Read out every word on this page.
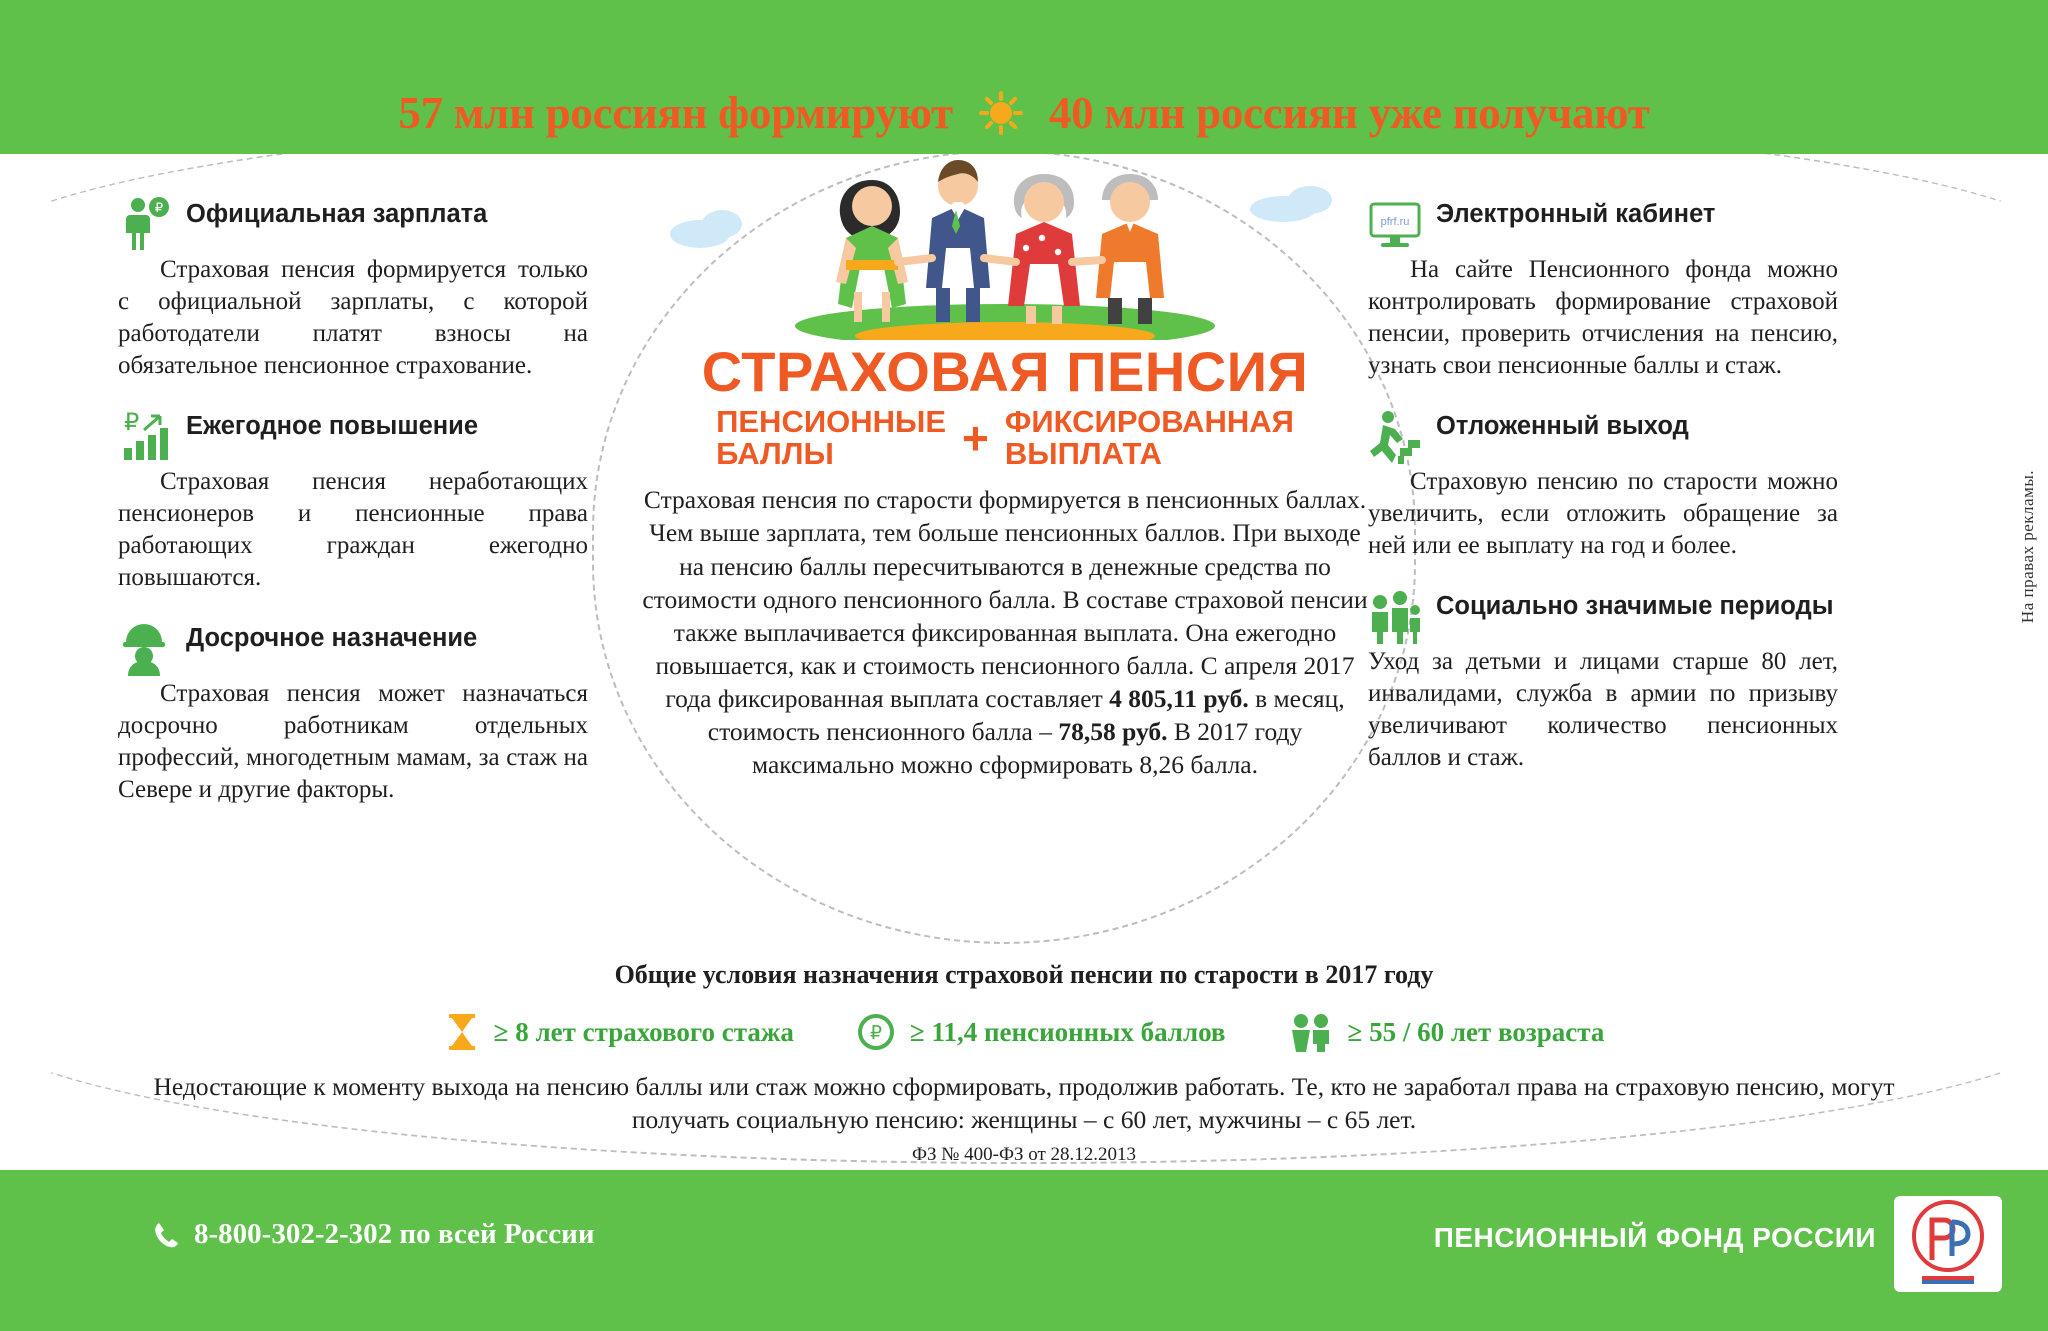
57 млн россиян формируют 40 млн россиян уже получают
₽ Официальная зарплата
Страховая пенсия формируется только с официальной зарплаты, с которой работодатели платят взносы на обязательное пенсионное страхование.
₽ Ежегодное повышение
Страховая пенсия неработающих пенсионеров и пенсионные права работающих граждан ежегодно повышаются.
Досрочное назначение
Страховая пенсия может назначаться досрочно работникам отдельных профессий, многодетным мамам, за стаж на Севере и другие факторы.
СТРАХОВАЯ ПЕНСИЯ
ПЕНСИОННЫЕ
БАЛЛЫ	+ ФИКСИРОВАННАЯ
ВЫПЛАТА
Страховая пенсия по старости формируется в пенсионных баллах. Чем выше зарплата, тем больше пенсионных баллов. При выходе на пенсию баллы пересчитываются в денежные средства по стоимости одного пенсионного балла. В составе страховой пенсии также выплачивается фиксированная выплата. Она ежегодно повышается, как и стоимость пенсионного балла. С апреля 2017 года фиксированная выплата составляет 4 805,11 руб. в месяц, стоимость пенсионного балла – 78,58 руб. В 2017 году максимально можно сформировать 8,26 балла.
pfrf.ru Электронный кабинет
На сайте Пенсионного фонда можно контролировать формирование страховой пенсии, проверить отчисления на пенсию, узнать свои пенсионные баллы и стаж.
Отложенный выход
Страховую пенсию по старости можно увеличить, если отложить обращение за ней или ее выплату на год и более.
Социально значимые периоды
Уход за детьми и лицами старше 80 лет, инвалидами, служба в армии по призыву увеличивают количество пенсионных баллов и стаж.
Общие условия назначения страховой пенсии по старости в 2017 году
≥ 8 лет страхового стажа	₽ ≥ 11,4 пенсионных баллов	≥ 55 / 60 лет возраста
Недостающие к моменту выхода на пенсию баллы или стаж можно сформировать, продолжив работать. Те, кто не заработал права на страховую пенсию, могут получать социальную пенсию: женщины – с 60 лет, мужчины – с 65 лет.
ФЗ № 400-ФЗ от 28.12.2013
На правах рекламы.
8-800-302-2-302 по всей России	ПЕНСИОННЫЙ ФОНД РОССИИ
